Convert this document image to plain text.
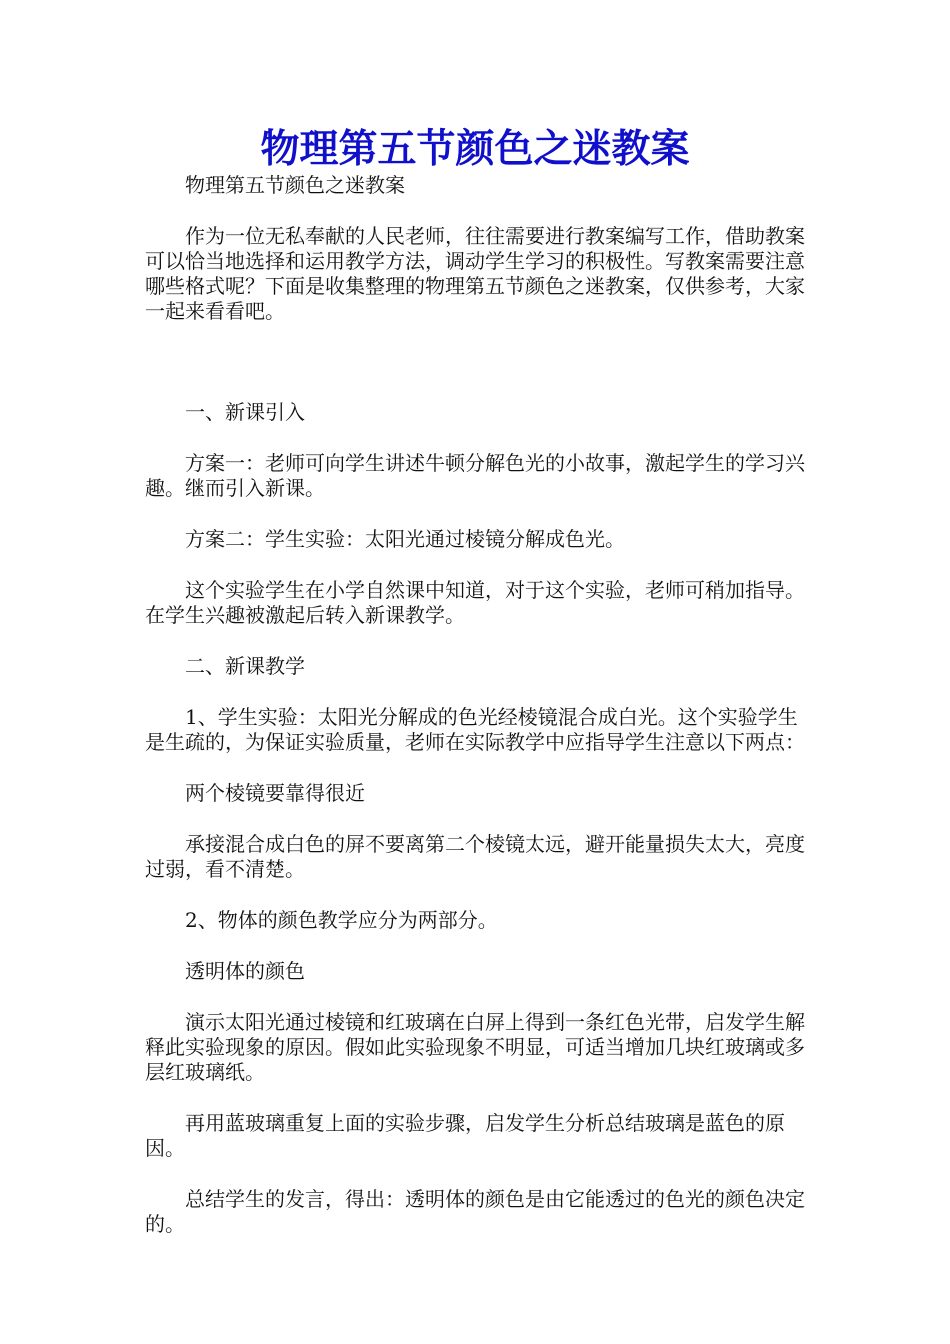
物理第五节颜色之迷教案

物理第五节颜色之迷教案

作为一位无私奉献的人民老师，往往需要进行教案编写工作，借助教案可以恰当地选择和运用教学方法，调动学生学习的积极性。写教案需要注意哪些格式呢？下面是收集整理的物理第五节颜色之迷教案，仅供参考，大家一起来看看吧。

一、新课引入

方案一：老师可向学生讲述牛顿分解色光的小故事，激起学生的学习兴趣。继而引入新课。

方案二：学生实验：太阳光通过棱镜分解成色光。

这个实验学生在小学自然课中知道，对于这个实验，老师可稍加指导。在学生兴趣被激起后转入新课教学。

二、新课教学

1、学生实验：太阳光分解成的色光经棱镜混合成白光。这个实验学生是生疏的，为保证实验质量，老师在实际教学中应指导学生注意以下两点：

两个棱镜要靠得很近

承接混合成白色的屏不要离第二个棱镜太远，避开能量损失太大，亮度过弱，看不清楚。

2、物体的颜色教学应分为两部分。

透明体的颜色

演示太阳光通过棱镜和红玻璃在白屏上得到一条红色光带，启发学生解释此实验现象的原因。假如此实验现象不明显，可适当增加几块红玻璃或多层红玻璃纸。

再用蓝玻璃重复上面的实验步骤，启发学生分析总结玻璃是蓝色的原因。

总结学生的发言，得出：透明体的颜色是由它能透过的色光的颜色决定的。
